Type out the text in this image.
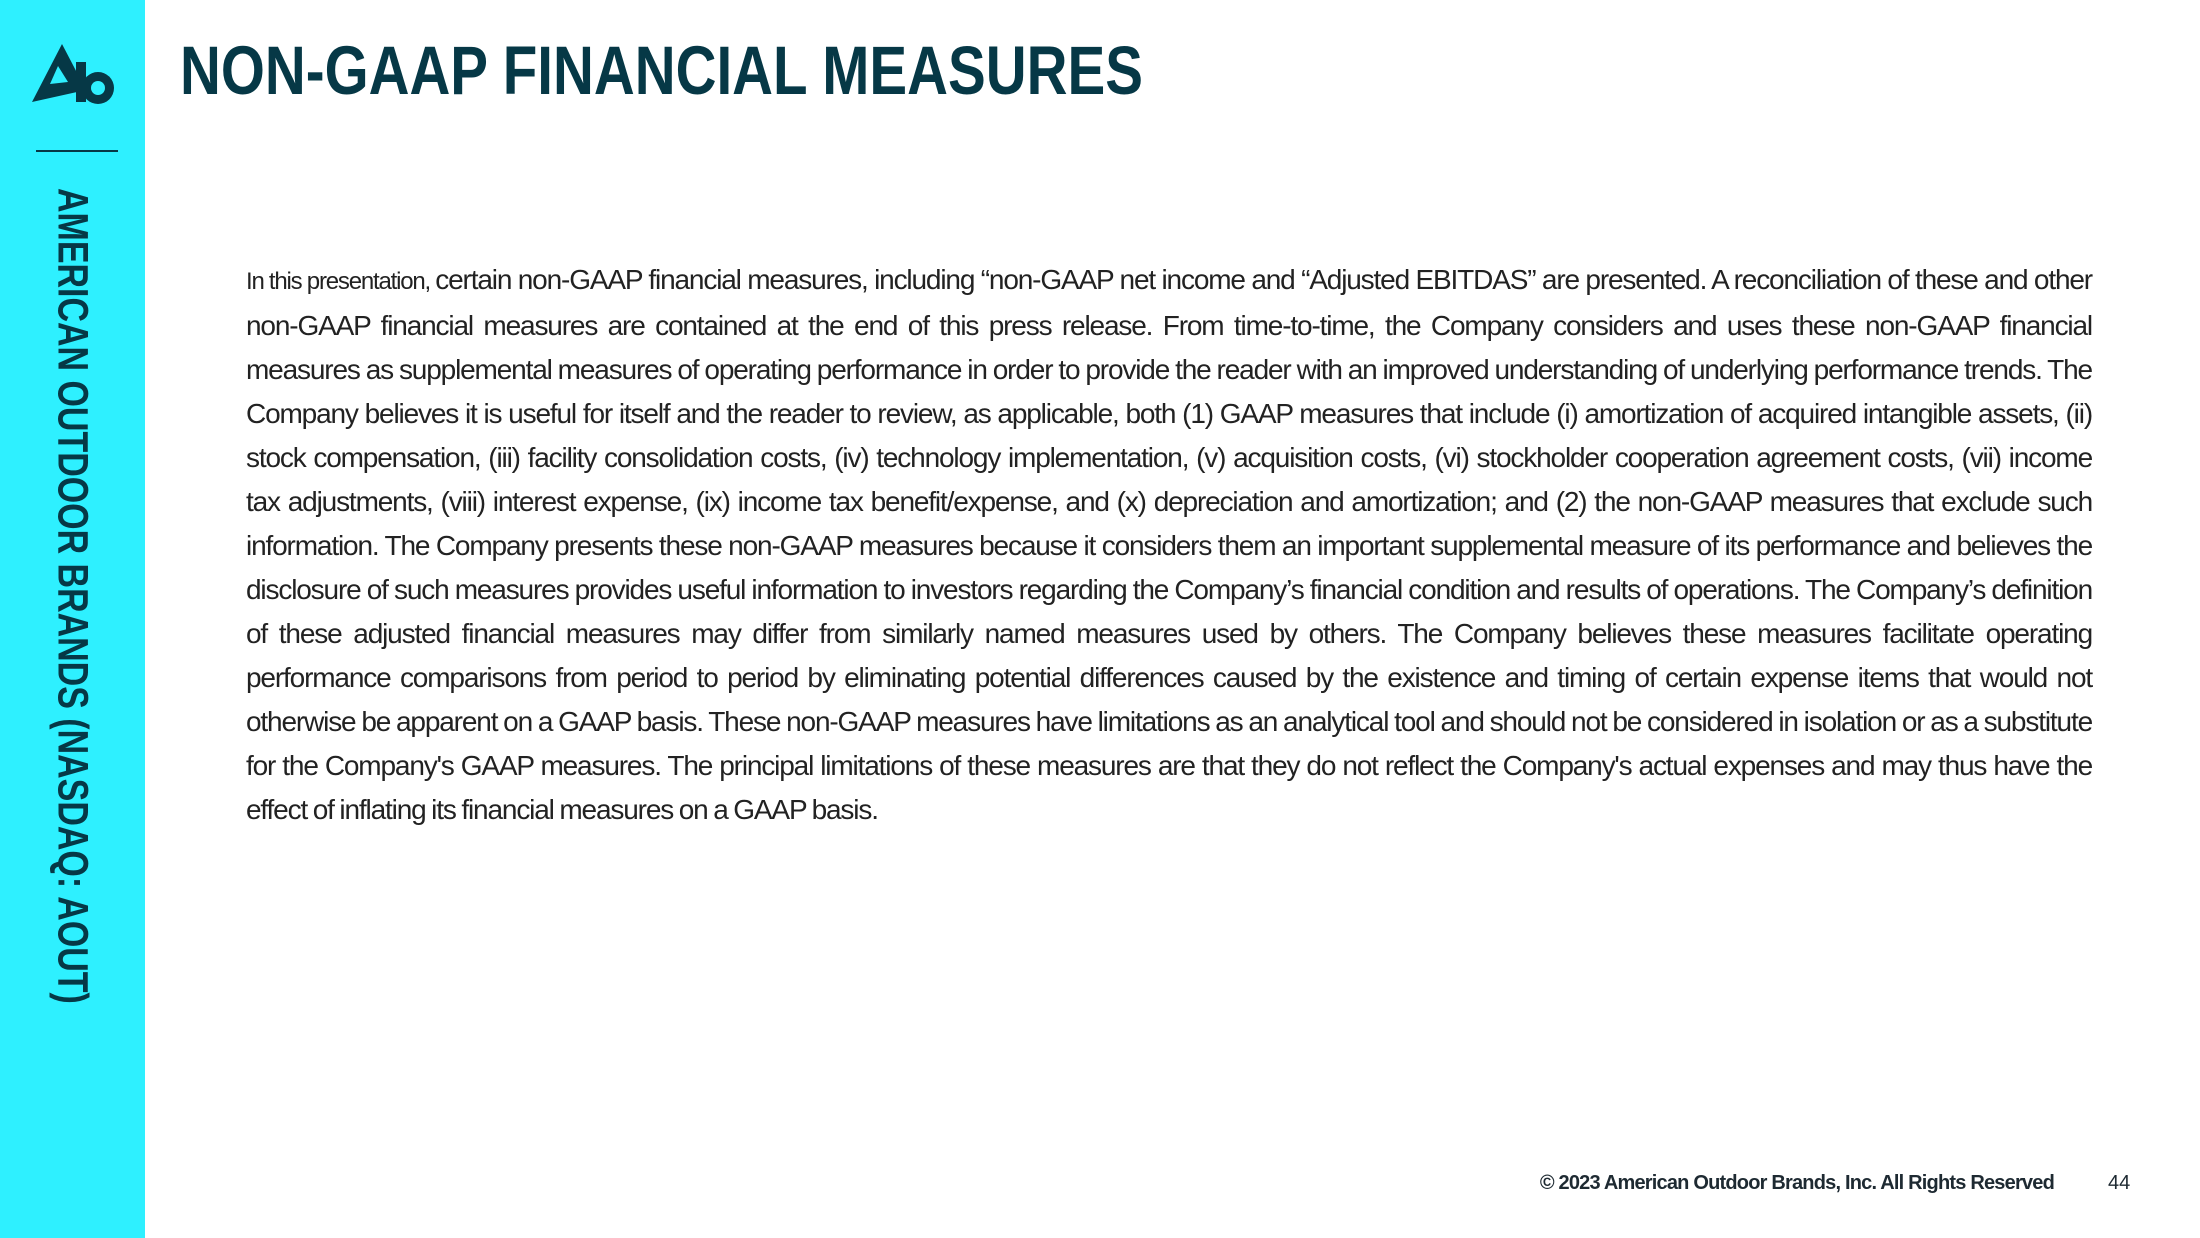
AMERICAN OUTDOOR BRANDS (NASDAQ: AOUT)
NON-GAAP FINANCIAL MEASURES

In this presentation, certain non-GAAP financial measures, including “non-GAAP net income and “Adjusted EBITDAS” are presented. A reconciliation of these and other non-GAAP financial measures are contained at the end of this press release. From time-to-time, the Company considers and uses these non-GAAP financial measures as supplemental measures of operating performance in order to provide the reader with an improved understanding of underlying performance trends. The Company believes it is useful for itself and the reader to review, as applicable, both (1) GAAP measures that include (i) amortization of acquired intangible assets, (ii) stock compensation, (iii) facility consolidation costs, (iv) technology implementation, (v) acquisition costs, (vi) stockholder cooperation agreement costs, (vii) income tax adjustments, (viii) interest expense, (ix) income tax benefit/expense, and (x) depreciation and amortization; and (2) the non-GAAP measures that exclude such information. The Company presents these non-GAAP measures because it considers them an important supplemental measure of its performance and believes the disclosure of such measures provides useful information to investors regarding the Company’s financial condition and results of operations. The Company’s definition of these adjusted financial measures may differ from similarly named measures used by others. The Company believes these measures facilitate operating performance comparisons from period to period by eliminating potential differences caused by the existence and timing of certain expense items that would not otherwise be apparent on a GAAP basis. These non-GAAP measures have limitations as an analytical tool and should not be considered in isolation or as a substitute for the Company's GAAP measures. The principal limitations of these measures are that they do not reflect the Company's actual expenses and may thus have the effect of inflating its financial measures on a GAAP basis.

© 2023 American Outdoor Brands, Inc. All Rights Reserved	44
